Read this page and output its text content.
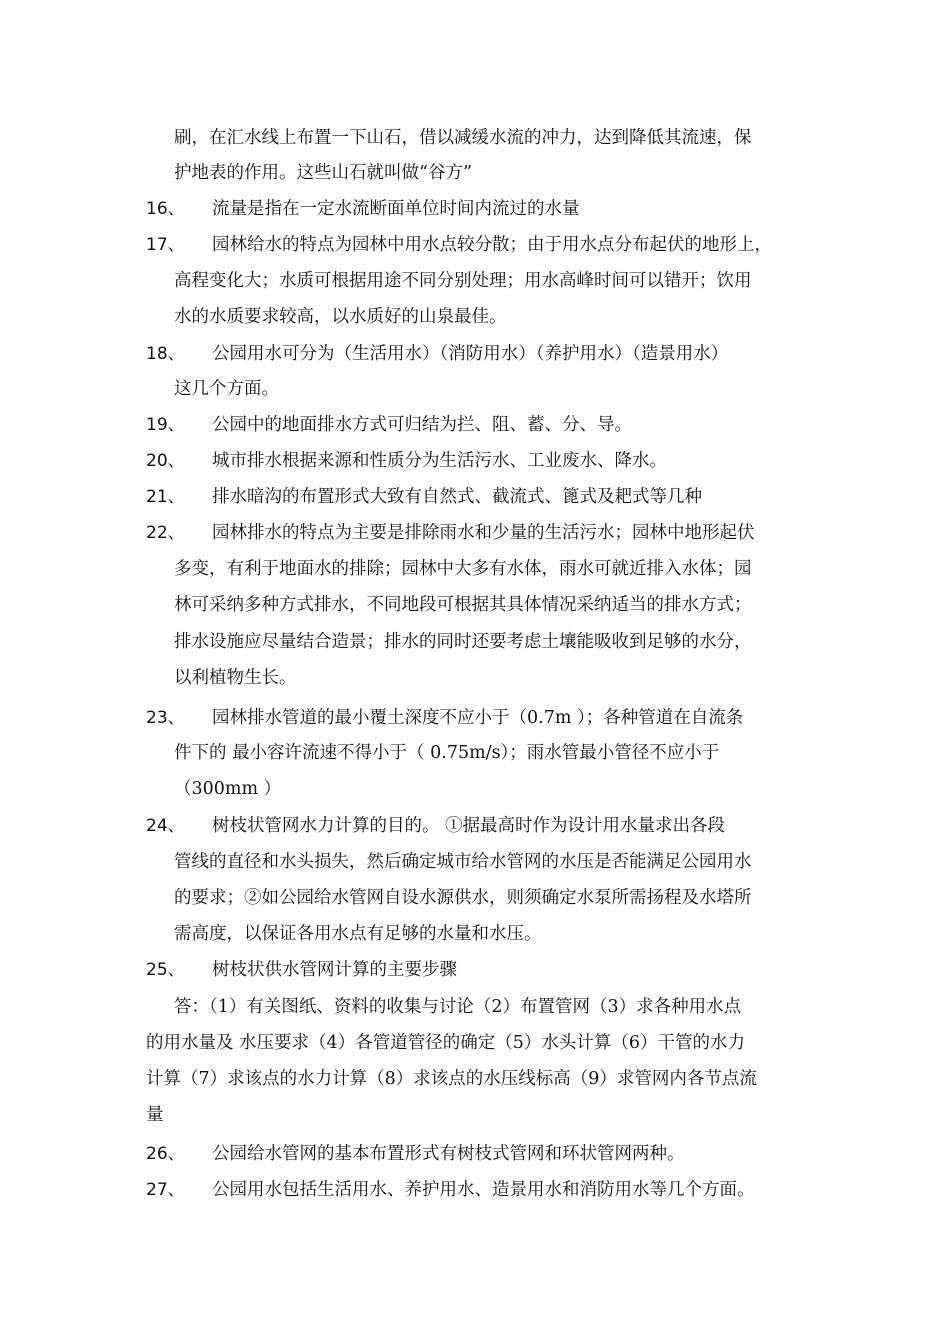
刷，在汇水线上布置一下山石，借以减缓水流的冲力，达到降低其流速，保
护地表的作用。这些山石就叫做“谷方”
16、 流量是指在一定水流断面单位时间内流过的水量
17、 园林给水的特点为园林中用水点较分散；由于用水点分布起伏的地形上，
高程变化大；水质可根据用途不同分别处理；用水高峰时间可以错开；饮用
水的水质要求较高，以水质好的山泉最佳。
18、 公园用水可分为（生活用水）（消防用水）（养护用水）（造景用水）
这几个方面。
19、 公园中的地面排水方式可归结为拦、阻、蓄、分、导。
20、 城市排水根据来源和性质分为生活污水、工业废水、降水。
21、 排水暗沟的布置形式大致有自然式、截流式、篦式及耙式等几种
22、 园林排水的特点为主要是排除雨水和少量的生活污水；园林中地形起伏
多变，有利于地面水的排除；园林中大多有水体，雨水可就近排入水体；园
林可采纳多种方式排水，不同地段可根据其具体情况采纳适当的排水方式；
排水设施应尽量结合造景；排水的同时还要考虑土壤能吸收到足够的水分，
以利植物生长。
23、 园林排水管道的最小覆土深度不应小于（0.7m ）；各种管道在自流条
件下的 最小容许流速不得小于（ 0.75m/s）；雨水管最小管径不应小于
（300mm ）
24、 树枝状管网水力计算的目的。 ①据最高时作为设计用水量求出各段
管线的直径和水头损失，然后确定城市给水管网的水压是否能满足公园用水
的要求；②如公园给水管网自设水源供水，则须确定水泵所需扬程及水塔所
需高度，以保证各用水点有足够的水量和水压。
25、 树枝状供水管网计算的主要步骤
答：（1）有关图纸、资料的收集与讨论（2）布置管网（3）求各种用水点
的用水量及 水压要求（4）各管道管径的确定（5）水头计算（6）干管的水力
计算（7）求该点的水力计算（8）求该点的水压线标高（9）求管网内各节点流
量
26、 公园给水管网的基本布置形式有树枝式管网和环状管网两种。
27、 公园用水包括生活用水、养护用水、造景用水和消防用水等几个方面。
